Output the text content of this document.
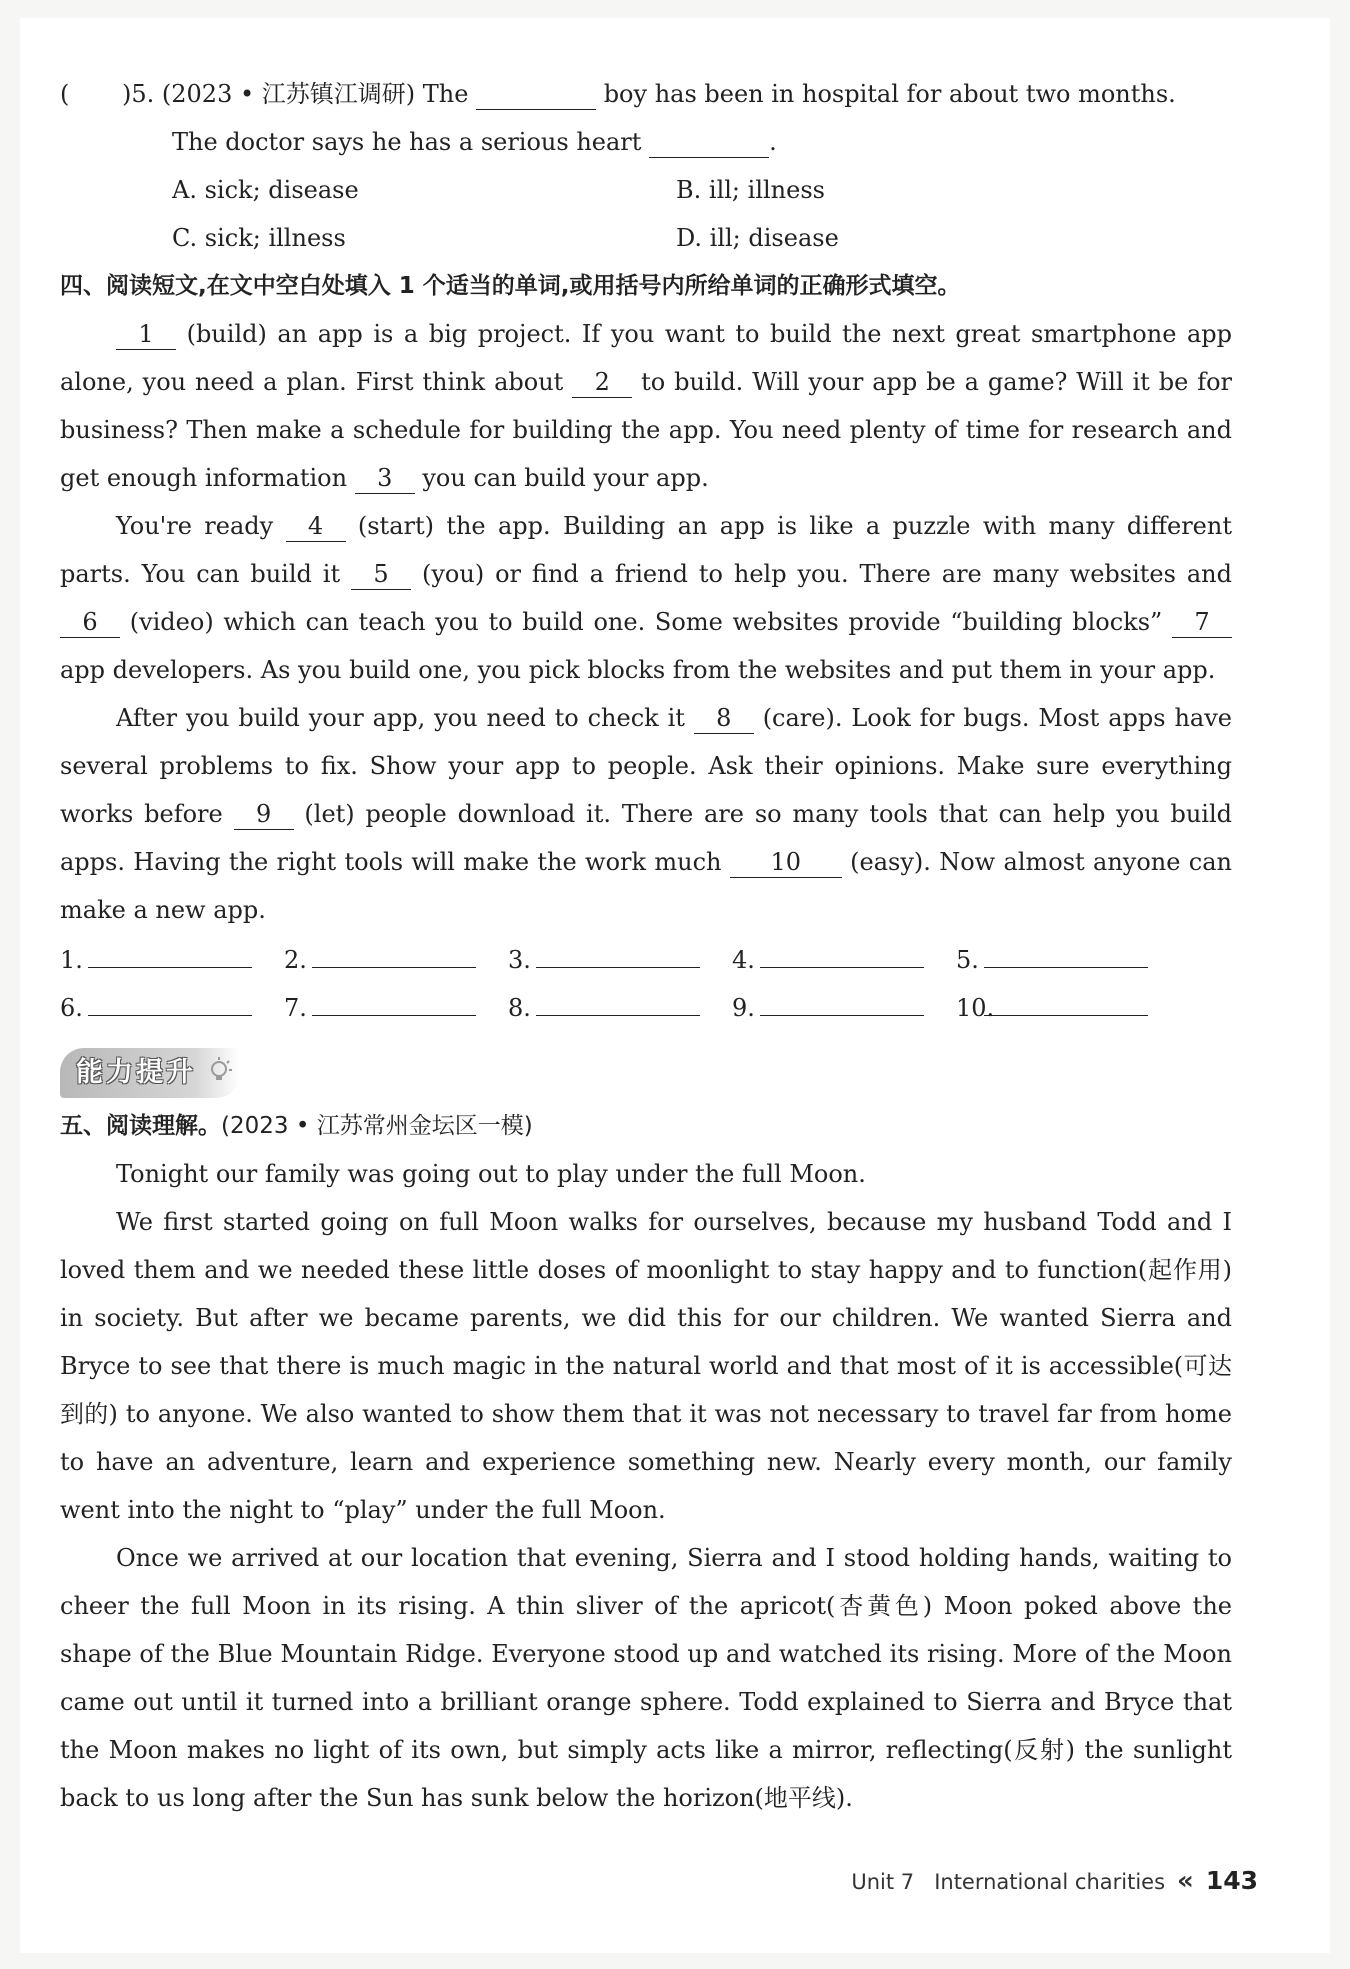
(	)5. (2023 • 江苏镇江调研) The	boy has been in hospital for about two months.
The doctor says he has a serious heart	.
A. sick; disease	B. ill; illness
C. sick; illness	D. ill; disease
四、阅读短文,在文中空白处填入 1 个适当的单词,或用括号内所给单词的正确形式填空。

1 (build) an app is a big project. If you want to build the next great smartphone app alone, you need a plan. First think about 2 to build. Will your app be a game? Will it be for business? Then make a schedule for building the app. You need plenty of time for research and get enough information 3 you can build your app.

You're ready 4 (start) the app. Building an app is like a puzzle with many different parts. You can build it 5 (you) or find a friend to help you. There are many websites and 6 (video) which can teach you to build one. Some websites provide “building blocks” 7 app developers. As you build one, you pick blocks from the websites and put them in your app.

After you build your app, you need to check it 8 (care). Look for bugs. Most apps have several problems to fix. Show your app to people. Ask their opinions. Make sure everything works before 9 (let) people download it. There are so many tools that can help you build apps. Having the right tools will make the work much 10 (easy). Now almost anyone can make a new app.

1.	2.	3.	4.	5.
6.	7.	8.	9.	10.
能力提升
五、阅读理解。(2023 • 江苏常州金坛区一模)

Tonight our family was going out to play under the full Moon.

We first started going on full Moon walks for ourselves, because my husband Todd and I loved them and we needed these little doses of moonlight to stay happy and to function(起作用) in society. But after we became parents, we did this for our children. We wanted Sierra and Bryce to see that there is much magic in the natural world and that most of it is accessible(可达到的) to anyone. We also wanted to show them that it was not necessary to travel far from home to have an adventure, learn and experience something new. Nearly every month, our family went into the night to “play” under the full Moon.

Once we arrived at our location that evening, Sierra and I stood holding hands, waiting to cheer the full Moon in its rising. A thin sliver of the apricot(杏黄色) Moon poked above the shape of the Blue Mountain Ridge. Everyone stood up and watched its rising. More of the Moon came out until it turned into a brilliant orange sphere. Todd explained to Sierra and Bryce that the Moon makes no light of its own, but simply acts like a mirror, reflecting(反射) the sunlight back to us long after the Sun has sunk below the horizon(地平线).

Unit 7 International charities « 143
